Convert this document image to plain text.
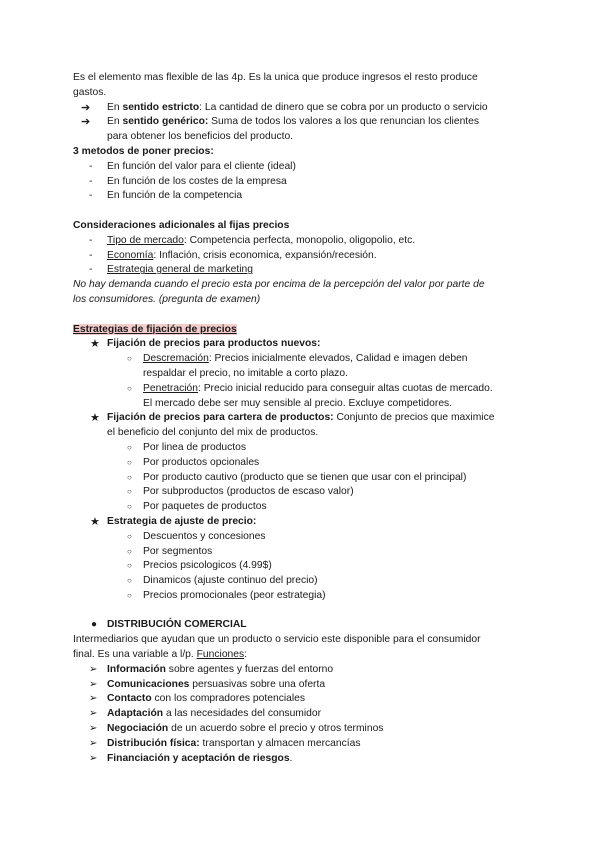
Es el elemento mas flexible de las 4p. Es la unica que produce ingresos el resto produce
gastos.
➔ En sentido estricto: La cantidad de dinero que se cobra por un producto o servicio
➔ En sentido genérico: Suma de todos los valores a los que renuncian los clientes
para obtener los beneficios del producto.
3 metodos de poner precios:
- En función del valor para el cliente (ideal)
- En función de los costes de la empresa
- En función de la competencia
Consideraciones adicionales al fijas precios
- Tipo de mercado: Competencia perfecta, monopolio, oligopolio, etc.
- Economía: Inflación, crisis economica, expansión/recesión.
- Estrategia general de marketing
No hay demanda cuando el precio esta por encima de la percepción del valor por parte de
los consumidores. (pregunta de examen)
Estrategias de fijación de precios
★ Fijación de precios para productos nuevos:
○ Descremación: Precios inicialmente elevados, Calidad e imagen deben
respaldar el precio, no imitable a corto plazo.
○ Penetración: Precio inicial reducido para conseguir altas cuotas de mercado.
El mercado debe ser muy sensible al precio. Excluye competidores.
★ Fijación de precios para cartera de productos: Conjunto de precios que maximice
el beneficio del conjunto del mix de productos.
○ Por linea de productos
○ Por productos opcionales
○ Por producto cautivo (producto que se tienen que usar con el principal)
○ Por subproductos (productos de escaso valor)
○ Por paquetes de productos
★ Estrategia de ajuste de precio:
○ Descuentos y concesiones
○ Por segmentos
○ Precios psicologicos (4.99$)
○ Dinamicos (ajuste continuo del precio)
○ Precios promocionales (peor estrategia)
● DISTRIBUCIÓN COMERCIAL
Intermediarios que ayudan que un producto o servicio este disponible para el consumidor
final. Es una variable a l/p. Funciones:
➢ Información sobre agentes y fuerzas del entorno
➢ Comunicaciones persuasivas sobre una oferta
➢ Contacto con los compradores potenciales
➢ Adaptación a las necesidades del consumidor
➢ Negociación de un acuerdo sobre el precio y otros terminos
➢ Distribución física: transportan y almacen mercancías
➢ Financiación y aceptación de riesgos.
